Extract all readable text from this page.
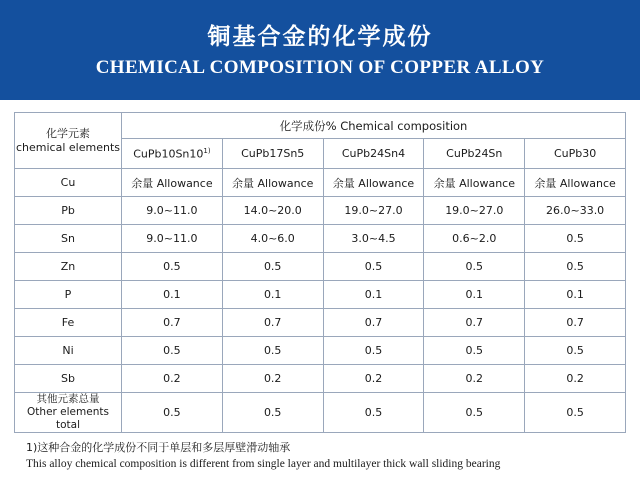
铜基合金的化学成份
CHEMICAL COMPOSITION OF COPPER ALLOY
化学元素
chemical elements	化学成份% Chemical composition				
	CuPb10Sn10$^{1)}$	CuPb17Sn5	CuPb24Sn4	CuPb24Sn	CuPb30
Cu	余量 Allowance	余量 Allowance	余量 Allowance	余量 Allowance	余量 Allowance
Pb	9.0~11.0	14.0~20.0	19.0~27.0	19.0~27.0	26.0~33.0
Sn	9.0~11.0	4.0~6.0	3.0~4.5	0.6~2.0	0.5
Zn	0.5	0.5	0.5	0.5	0.5
P	0.1	0.1	0.1	0.1	0.1
Fe	0.7	0.7	0.7	0.7	0.7
Ni	0.5	0.5	0.5	0.5	0.5
Sb	0.2	0.2	0.2	0.2	0.2

其他元素总量
Other elements total	0.5	0.5	0.5	0.5	0.5
1)这种合金的化学成份不同于单层和多层厚壁滑动轴承
This alloy chemical composition is different from single layer and multilayer thick wall sliding bearing
